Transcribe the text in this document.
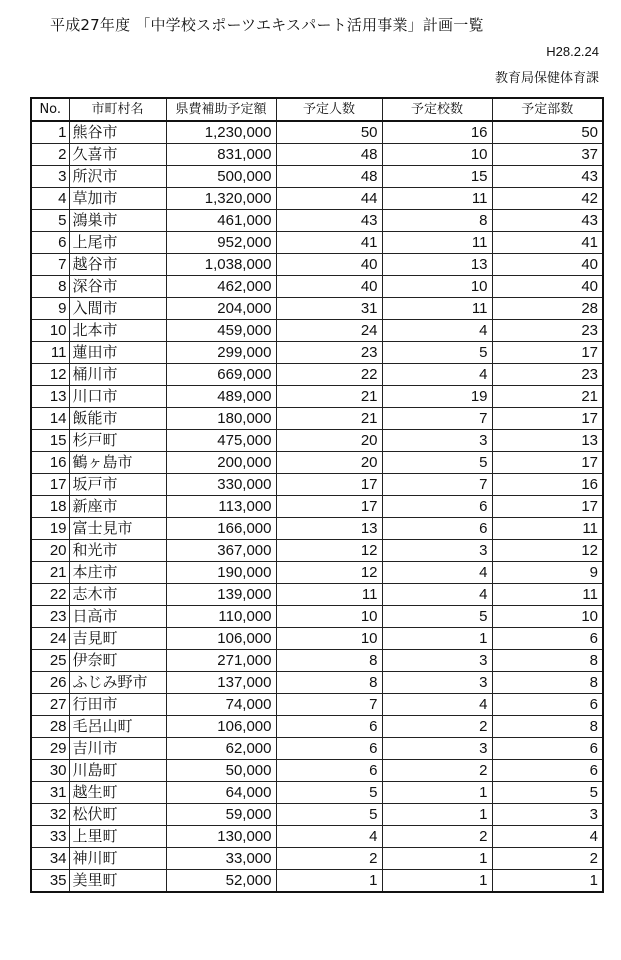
平成27年度 「中学校スポーツエキスパート活用事業」計画一覧
H28.2.24
教育局保健体育課
No.	市町村名	県費補助予定額	予定人数	予定校数	予定部数
1	熊谷市	1,230,000	50	16	50
2	久喜市	831,000	48	10	37
3	所沢市	500,000	48	15	43
4	草加市	1,320,000	44	11	42
5	鴻巣市	461,000	43	8	43
6	上尾市	952,000	41	11	41
7	越谷市	1,038,000	40	13	40
8	深谷市	462,000	40	10	40
9	入間市	204,000	31	11	28
10	北本市	459,000	24	4	23
11	蓮田市	299,000	23	5	17
12	桶川市	669,000	22	4	23
13	川口市	489,000	21	19	21
14	飯能市	180,000	21	7	17
15	杉戸町	475,000	20	3	13
16	鶴ヶ島市	200,000	20	5	17
17	坂戸市	330,000	17	7	16
18	新座市	113,000	17	6	17
19	富士見市	166,000	13	6	11
20	和光市	367,000	12	3	12
21	本庄市	190,000	12	4	9
22	志木市	139,000	11	4	11
23	日高市	110,000	10	5	10
24	吉見町	106,000	10	1	6
25	伊奈町	271,000	8	3	8
26	ふじみ野市	137,000	8	3	8
27	行田市	74,000	7	4	6
28	毛呂山町	106,000	6	2	8
29	吉川市	62,000	6	3	6
30	川島町	50,000	6	2	6
31	越生町	64,000	5	1	5
32	松伏町	59,000	5	1	3
33	上里町	130,000	4	2	4
34	神川町	33,000	2	1	2
35	美里町	52,000	1	1	1
